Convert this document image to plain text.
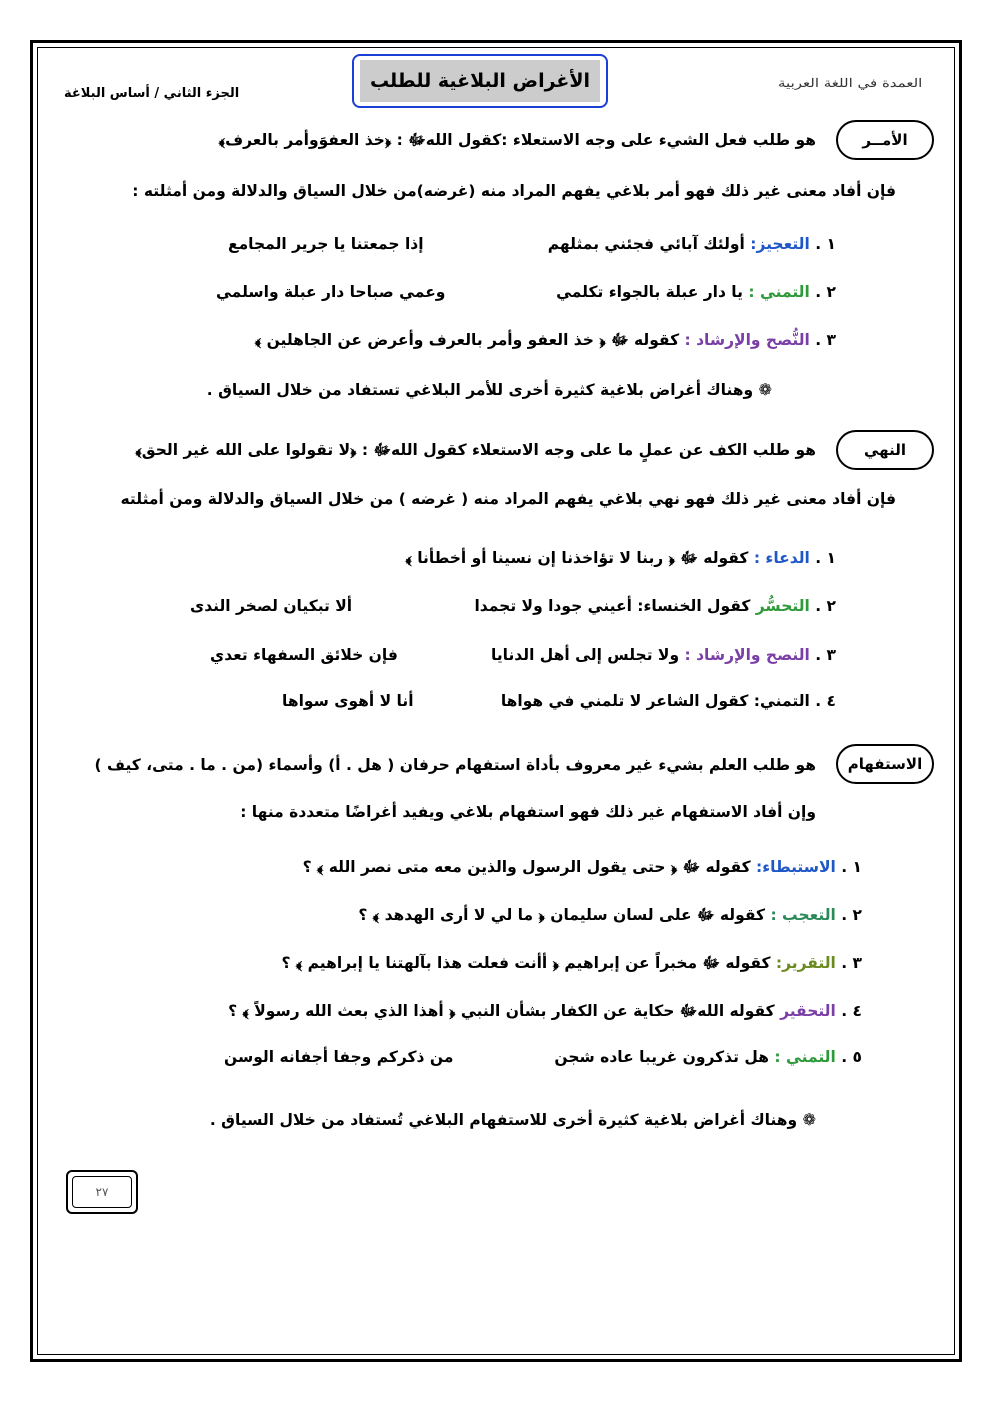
الجزء الثاني / أساس البلاغة
الأغراض البلاغية للطلب	العمدة في اللغة العربية
الأمــر
هو طلب فعل الشيء على وجه الاستعلاء :كقول اللهﷻ : ﴿خذ العفوَوأمر بالعرف﴾
فإن أفاد معنى غير ذلك فهو أمر بلاغي يفهم المراد منه (غرضه)من خلال السياق والدلالة ومن أمثلته :
١ . التعجيز: أولئك آبائي فجئني بمثلهم
إذا جمعتنا يا جرير المجامع
٢ . التمني : يا دار عبلة بالجواء تكلمي
وعمي صباحا دار عبلة واسلمي
٣ . النُّصح والإرشاد : كقوله ﷻ ﴿ خذ العفو وأمر بالعرف وأعرض عن الجاهلين ﴾
❁ وهناك أغراض بلاغية كثيرة أخرى للأمر البلاغي تستفاد من خلال السياق .
النهي
هو طلب الكف عن عملٍ ما على وجه الاستعلاء كقول اللهﷻ : ﴿لا تقولوا على الله غير الحق﴾
فإن أفاد معنى غير ذلك فهو نهي بلاغي يفهم المراد منه ( غرضه ) من خلال السياق والدلالة ومن أمثلته
١ . الدعاء : كقوله ﷻ ﴿ ربنا لا تؤاخذنا إن نسينا أو أخطأنا ﴾
٢ . التحسُّر كقول الخنساء: أعيني جودا ولا تجمدا
ألا تبكيان لصخر الندى
٣ . النصح والإرشاد : ولا تجلس إلى أهل الدنايا
فإن خلائق السفهاء تعدي
٤ . التمني: كقول الشاعر لا تلمني في هواها
أنا لا أهوى سواها
الاستفهام
هو طلب العلم بشيء غير معروف بأداة استفهام حرفان ( هل . أ) وأسماء (من . ما . متى، كيف )
وإن أفاد الاستفهام غير ذلك فهو استفهام بلاغي ويفيد أغراضًا متعددة منها :
١ . الاستبطاء: كقوله ﷻ ﴿ حتى يقول الرسول والذين معه متى نصر الله ﴾ ؟
٢ . التعجب : كقوله ﷻ على لسان سليمان ﴿ ما لي لا أرى الهدهد ﴾ ؟
٣ . التقرير: كقوله ﷻ مخبراً عن إبراهيم ﴿ أأنت فعلت هذا بآلهتنا يا إبراهيم ﴾ ؟
٤ . التحقير كقوله اللهﷻ حكاية عن الكفار بشأن النبي ﴿ أهذا الذي بعث الله رسولاً ﴾ ؟
٥ . التمني : هل تذكرون غريبا عاده شجن
من ذكركم وجفا أجفانه الوسن
❁ وهناك أغراض بلاغية كثيرة أخرى للاستفهام البلاغي تُستفاد من خلال السياق .
٢٧
